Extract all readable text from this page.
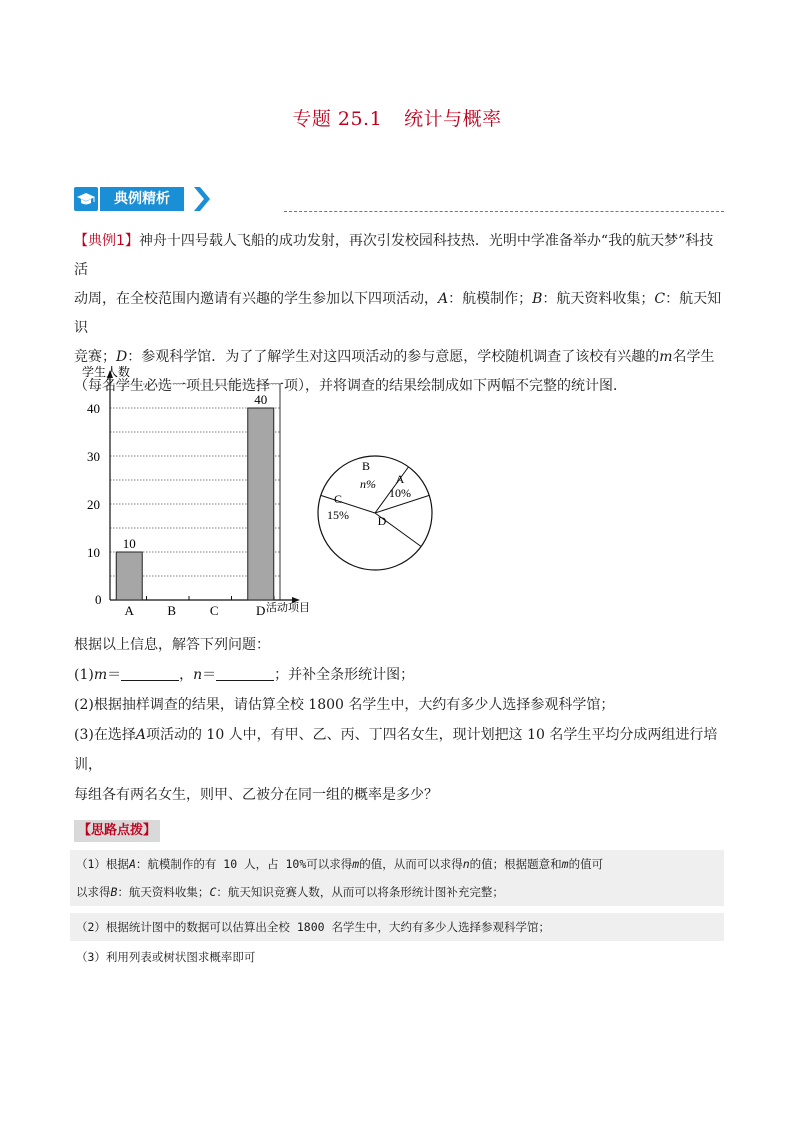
专题 25.1 统计与概率
典例精析
【典例1】神舟十四号载人飞船的成功发射，再次引发校园科技热．光明中学准备举办“我的航天梦”科技活
动周，在全校范围内邀请有兴趣的学生参加以下四项活动，A：航模制作；B：航天资料收集；C：航天知识
竞赛；D：参观科学馆．为了了解学生对这四项活动的参与意愿，学校随机调查了该校有兴趣的m名学生
（每名学生必选一项且只能选择一项），并将调查的结果绘制成如下两幅不完整的统计图．
学生人数
活动项目
0
10
20
30
40
A
10
B	C	D
40
A
10%
B
n%
C
15% D
根据以上信息，解答下列问题：
(1)m＝	，n＝	；并补全条形统计图；
(2)根据抽样调查的结果，请估算全校 1800 名学生中，大约有多少人选择参观科学馆；
(3)在选择A项活动的 10 人中，有甲、乙、丙、丁四名女生，现计划把这 10 名学生平均分成两组进行培训，
每组各有两名女生，则甲、乙被分在同一组的概率是多少？
【思路点拨】
（1）根据A：航模制作的有 10 人，占 10%可以求得m的值，从而可以求得n的值；根据题意和m的值可
以求得B：航天资料收集；C：航天知识竞赛人数，从而可以将条形统计图补充完整；
（2）根据统计图中的数据可以估算出全校 1800 名学生中，大约有多少人选择参观科学馆；
（3）利用列表或树状图求概率即可
